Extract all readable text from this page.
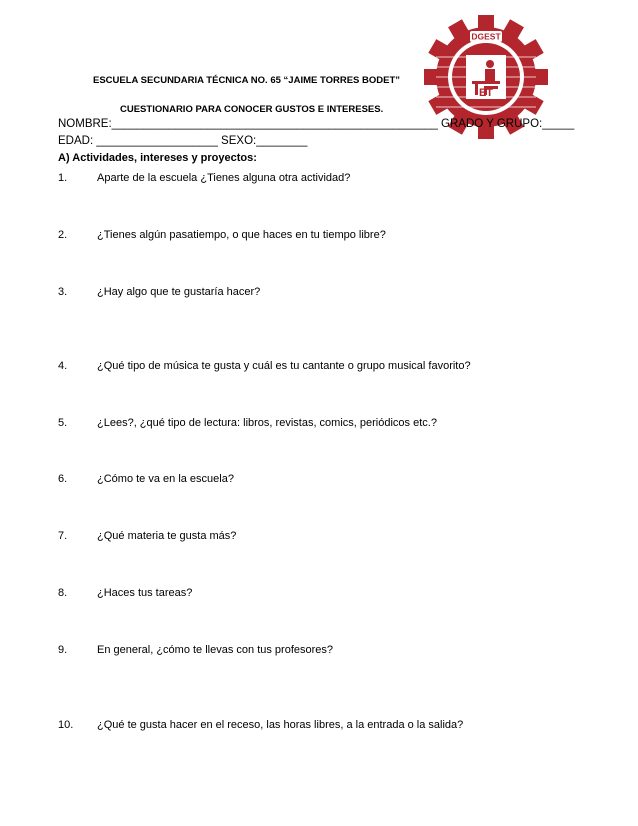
DGEST
ET
ESCUELA SECUNDARIA TÉCNICA NO. 65 “JAIME TORRES BODET”
CUESTIONARIO PARA CONOCER GUSTOS E INTERESES.
NOMBRE:___________________________________________________ GRADO Y GRUPO:_____
EDAD: ___________________ SEXO:________
A) Actividades, intereses y proyectos:
1.	Aparte de la escuela ¿Tienes alguna otra actividad?
2.	¿Tienes algún pasatiempo, o que haces en tu tiempo libre?
3.	¿Hay algo que te gustaría hacer?
4.	¿Qué tipo de música te gusta y cuál es tu cantante o grupo musical favorito?
5.	¿Lees?, ¿qué tipo de lectura: libros, revistas, comics, periódicos etc.?
6.	¿Cómo te va en la escuela?
7.	¿Qué materia te gusta más?
8.	¿Haces tus tareas?
9.	En general, ¿cómo te llevas con tus profesores?
10. ¿Qué te gusta hacer en el receso, las horas libres, a la entrada o la salida?
